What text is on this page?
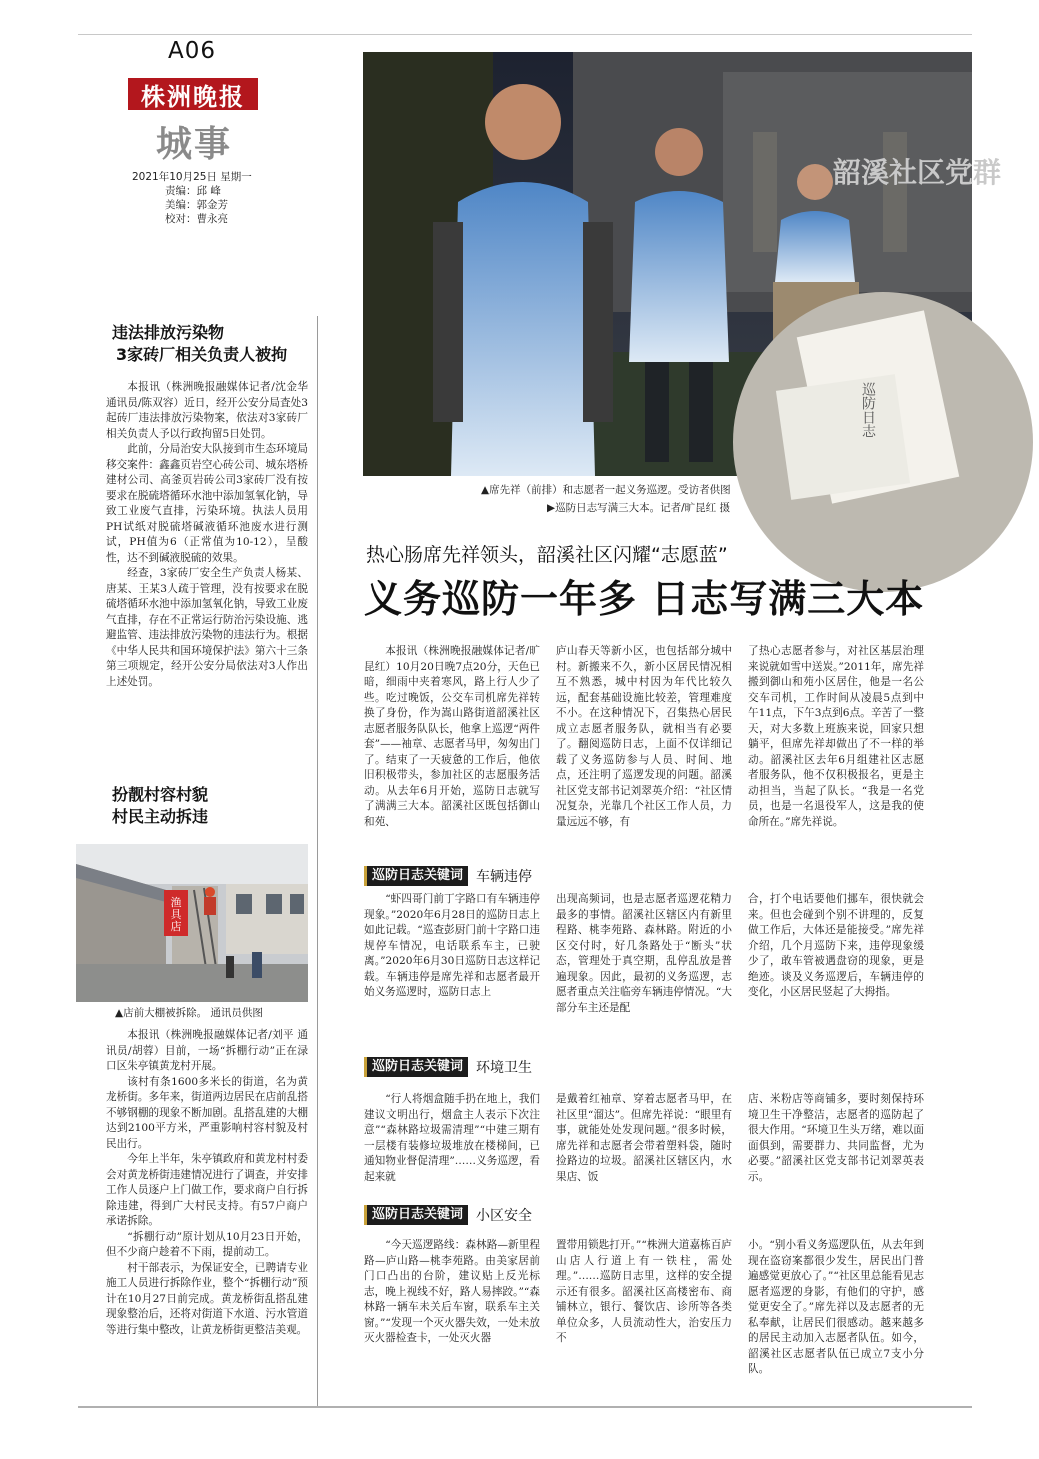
A06
株洲晚报
城事
2021年10月25日 星期一
责编：邱 峰
美编：郭金芳
校对：曹永亮
违法排放污染物
3家砖厂相关负责人被拘

本报讯（株洲晚报融媒体记者/沈金华 通讯员/陈双容）近日，经开公安分局査处3起砖厂违法排放污染物案，依法对3家砖厂相关负责人予以行政拘留5日处罚。

此前，分局治安大队接到市生态环境局移交案件：鑫鑫页岩空心砖公司、城东塔桥建材公司、高釜页岩砖公司3家砖厂没有按要求在脱硫塔循环水池中添加氢氧化钠，导致工业废气直排，污染环境。执法人员用PH试纸对脱硫塔碱液循环池废水进行测试，PH值为6（正常值为10-12），呈酸性，达不到碱液脱硫的效果。

经查，3家砖厂安全生产负责人杨某、唐某、王某3人疏于管理，没有按要求在脱硫塔循环水池中添加氢氧化钠，导致工业废气直排，存在不正常运行防治污染设施、逃避监管、违法排放污染物的违法行为。根据《中华人民共和国环境保护法》第六十三条第三项规定，经开公安分局依法对3人作出上述处罚。

扮靓村容村貌
村民主动拆违
渔
具
店
▲店前大棚被拆除。 通讯员供图

本报讯（株洲晚报融媒体记者/刘平 通讯员/胡蓉）目前，一场“拆棚行动”正在渌口区朱亭镇黄龙村开展。

该村有条1600多米长的街道，名为黄龙桥街。多年来，街道两边居民在店前乱搭不够钢棚的现象不断加剧。乱搭乱建的大棚达到2100平方米，严重影响村容村貌及村民出行。

今年上半年，朱亭镇政府和黄龙村村委会对黄龙桥街违建情况进行了调查，并安排工作人员逐户上门做工作，要求商户自行拆除违建，得到广大村民支持。有57户商户承诺拆除。

“拆棚行动”原计划从10月23日开始，但不少商户趁着不下雨，提前动工。

村干部表示，为保证安全，已聘请专业施工人员进行拆除作业，整个“拆棚行动”预计在10月27日前完成。黄龙桥街乱搭乱建现象整治后，还将对街道下水道、污水管道等进行集中整改，让黄龙桥街更整洁美观。

韶溪社区党群
巡防日志
▲席先祥（前排）和志愿者一起义务巡逻。受访者供图
▶巡防日志写满三大本。记者/旷昆红 摄
热心肠席先祥领头，韶溪社区闪耀“志愿蓝”
义务巡防一年多 日志写满三大本

本报讯（株洲晚报融媒体记者/旷昆红）10月20日晚7点20分，天色已暗，细雨中夹着寒风，路上行人少了些。吃过晚饭，公交车司机席先祥转换了身份，作为嵩山路街道韶溪社区志愿者服务队队长，他拿上巡逻“两件套”——袖章、志愿者马甲，匆匆出门了。结束了一天疲惫的工作后，他依旧积极带头，参加社区的志愿服务活动。从去年6月开始，巡防日志就写了满满三大本。韶溪社区既包括御山和苑、

庐山春天等新小区，也包括部分城中村。新搬来不久，新小区居民情况相互不熟悉，城中村因为年代比较久远，配套基础设施比较差，管理难度不小。在这种情况下，召集热心居民成立志愿者服务队，就相当有必要了。翻阅巡防日志，上面不仅详细记载了义务巡防参与人员、时间、地点，还注明了巡逻发现的问题。韶溪社区党支部书记刘翠英介绍：“社区情况复杂，光靠几个社区工作人员，力量远远不够，有

了热心志愿者参与，对社区基层治理来说就如雪中送炭。”2011年，席先祥搬到御山和苑小区居住，他是一名公交车司机，工作时间从凌晨5点到中午11点，下午3点到6点。辛苦了一整天，对大多数上班族来说，回家只想躺平，但席先祥却做出了不一样的举动。韶溪社区去年6月组建社区志愿者服务队，他不仅积极报名，更是主动担当，当起了队长。“我是一名党员，也是一名退役军人，这是我的使命所在。”席先祥说。

巡防日志关键词 车辆违停

“虾四哥门前丁字路口有车辆违停现象。”2020年6月28日的巡防日志上如此记载。“巡查彭厨门前十字路口违规停车情况，电话联系车主，已驶离。”2020年6月30日巡防日志这样记载。车辆违停是席先祥和志愿者最开始义务巡逻时，巡防日志上

出现高频词，也是志愿者巡逻花精力最多的事情。韶溪社区辖区内有新里程路、桃李苑路、森林路。附近的小区交付时，好几条路处于“断头”状态，管理处于真空期，乱停乱放是普遍现象。因此，最初的义务巡逻，志愿者重点关注临旁车辆违停情况。“大部分车主还是配

合，打个电话要他们挪车，很快就会来。但也会碰到个别不讲理的，反复做工作后，大体还是能接受。”席先祥介绍，几个月巡防下来，违停现象缓少了，敢车管被遇盘窃的现象，更是绝迹。谈及义务巡逻后，车辆违停的变化，小区居民竖起了大拇指。

巡防日志关键词 环境卫生

“行人将烟盒随手扔在地上，我们建议文明出行，烟盒主人表示下次注意”“森林路垃圾需清理”“中建三期有一层楼有装修垃圾堆放在楼梯间，已通知物业督促清理”……义务巡逻，看起来就

是戴着红袖章、穿着志愿者马甲，在社区里“溜达”。但席先祥说：“眼里有事，就能处处发现问题。”很多时候，席先祥和志愿者会带着塑料袋，随时捡路边的垃圾。韶溪社区辖区内，水果店、饭

店、米粉店等商铺多，要时刻保持环境卫生干净整洁，志愿者的巡防起了很大作用。“环境卫生头万绪，难以面面俱到，需要群力、共同监督，尤为必要。”韶溪社区党支部书记刘翠英表示。

巡防日志关键词 小区安全

“今天巡逻路线：森林路—新里程路—庐山路—桃李苑路。由美家居前门口凸出的台阶，建议贴上反光标志，晚上视线不好，路人易摔跤。”“森林路一辆车未关后车窗，联系车主关窗。”“发现一个灭火器失效，一处未放灭火器检查卡，一处灭火器

置带用锁匙打开。”“株洲大道嘉栋百庐山店人行道上有一铁柱，需处理。”……巡防日志里，这样的安全提示还有很多。韶溪社区高楼密布、商铺林立，银行、餐饮店、诊所等各类单位众多，人员流动性大，治安压力不

小。“别小看义务巡逻队伍，从去年到现在盗窃案都很少发生，居民出门普遍感觉更放心了。”“社区里总能看见志愿者巡逻的身影，有他们的守护，感觉更安全了。”席先祥以及志愿者的无私奉献，让居民们很感动。越来越多的居民主动加入志愿者队伍。如今，韶溪社区志愿者队伍已成立7支小分队。
